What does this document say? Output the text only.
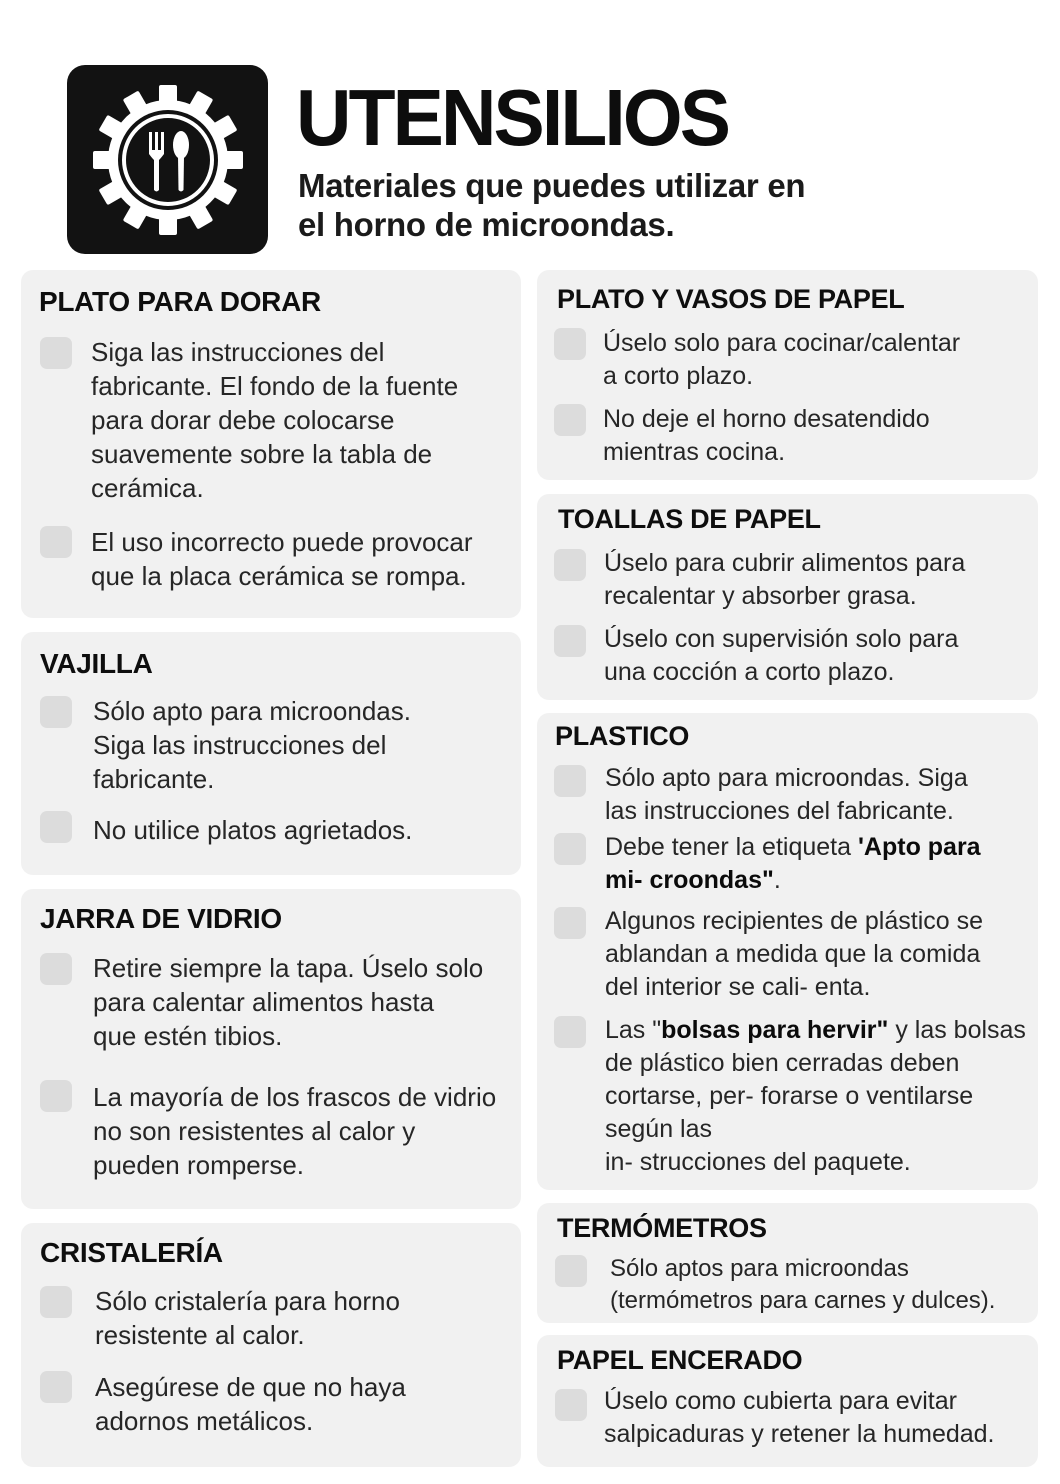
UTENSILIOS
Materiales que puedes utilizar en
el horno de microondas.
PLATO PARA DORAR
Siga las instrucciones del
fabricante. El fondo de la fuente
para dorar debe colocarse
suavemente sobre la tabla de
cerámica.
El uso incorrecto puede provocar
que la placa cerámica se rompa.
VAJILLA
Sólo apto para microondas.
Siga las instrucciones del
fabricante.
No utilice platos agrietados.
JARRA DE VIDRIO
Retire siempre la tapa. Úselo solo
para calentar alimentos hasta
que estén tibios.
La mayoría de los frascos de vidrio
no son resistentes al calor y
pueden romperse.
CRISTALERÍA
Sólo cristalería para horno
resistente al calor.
Asegúrese de que no haya
adornos metálicos.
PLATO Y VASOS DE PAPEL
Úselo solo para cocinar/calentar
a corto plazo.
No deje el horno desatendido
mientras cocina.
TOALLAS DE PAPEL
Úselo para cubrir alimentos para
recalentar y absorber grasa.
Úselo con supervisión solo para
una cocción a corto plazo.
PLASTICO
Sólo apto para microondas. Siga
las instrucciones del fabricante.
Debe tener la etiqueta 'Apto para
mi- croondas".
Algunos recipientes de plástico se
ablandan a medida que la comida
del interior se cali- enta.
Las "bolsas para hervir" y las bolsas
de plástico bien cerradas deben
cortarse, per- forarse o ventilarse
según las
in- strucciones del paquete.
TERMÓMETROS
Sólo aptos para microondas
(termómetros para carnes y dulces).
PAPEL ENCERADO
Úselo como cubierta para evitar
salpicaduras y retener la humedad.
